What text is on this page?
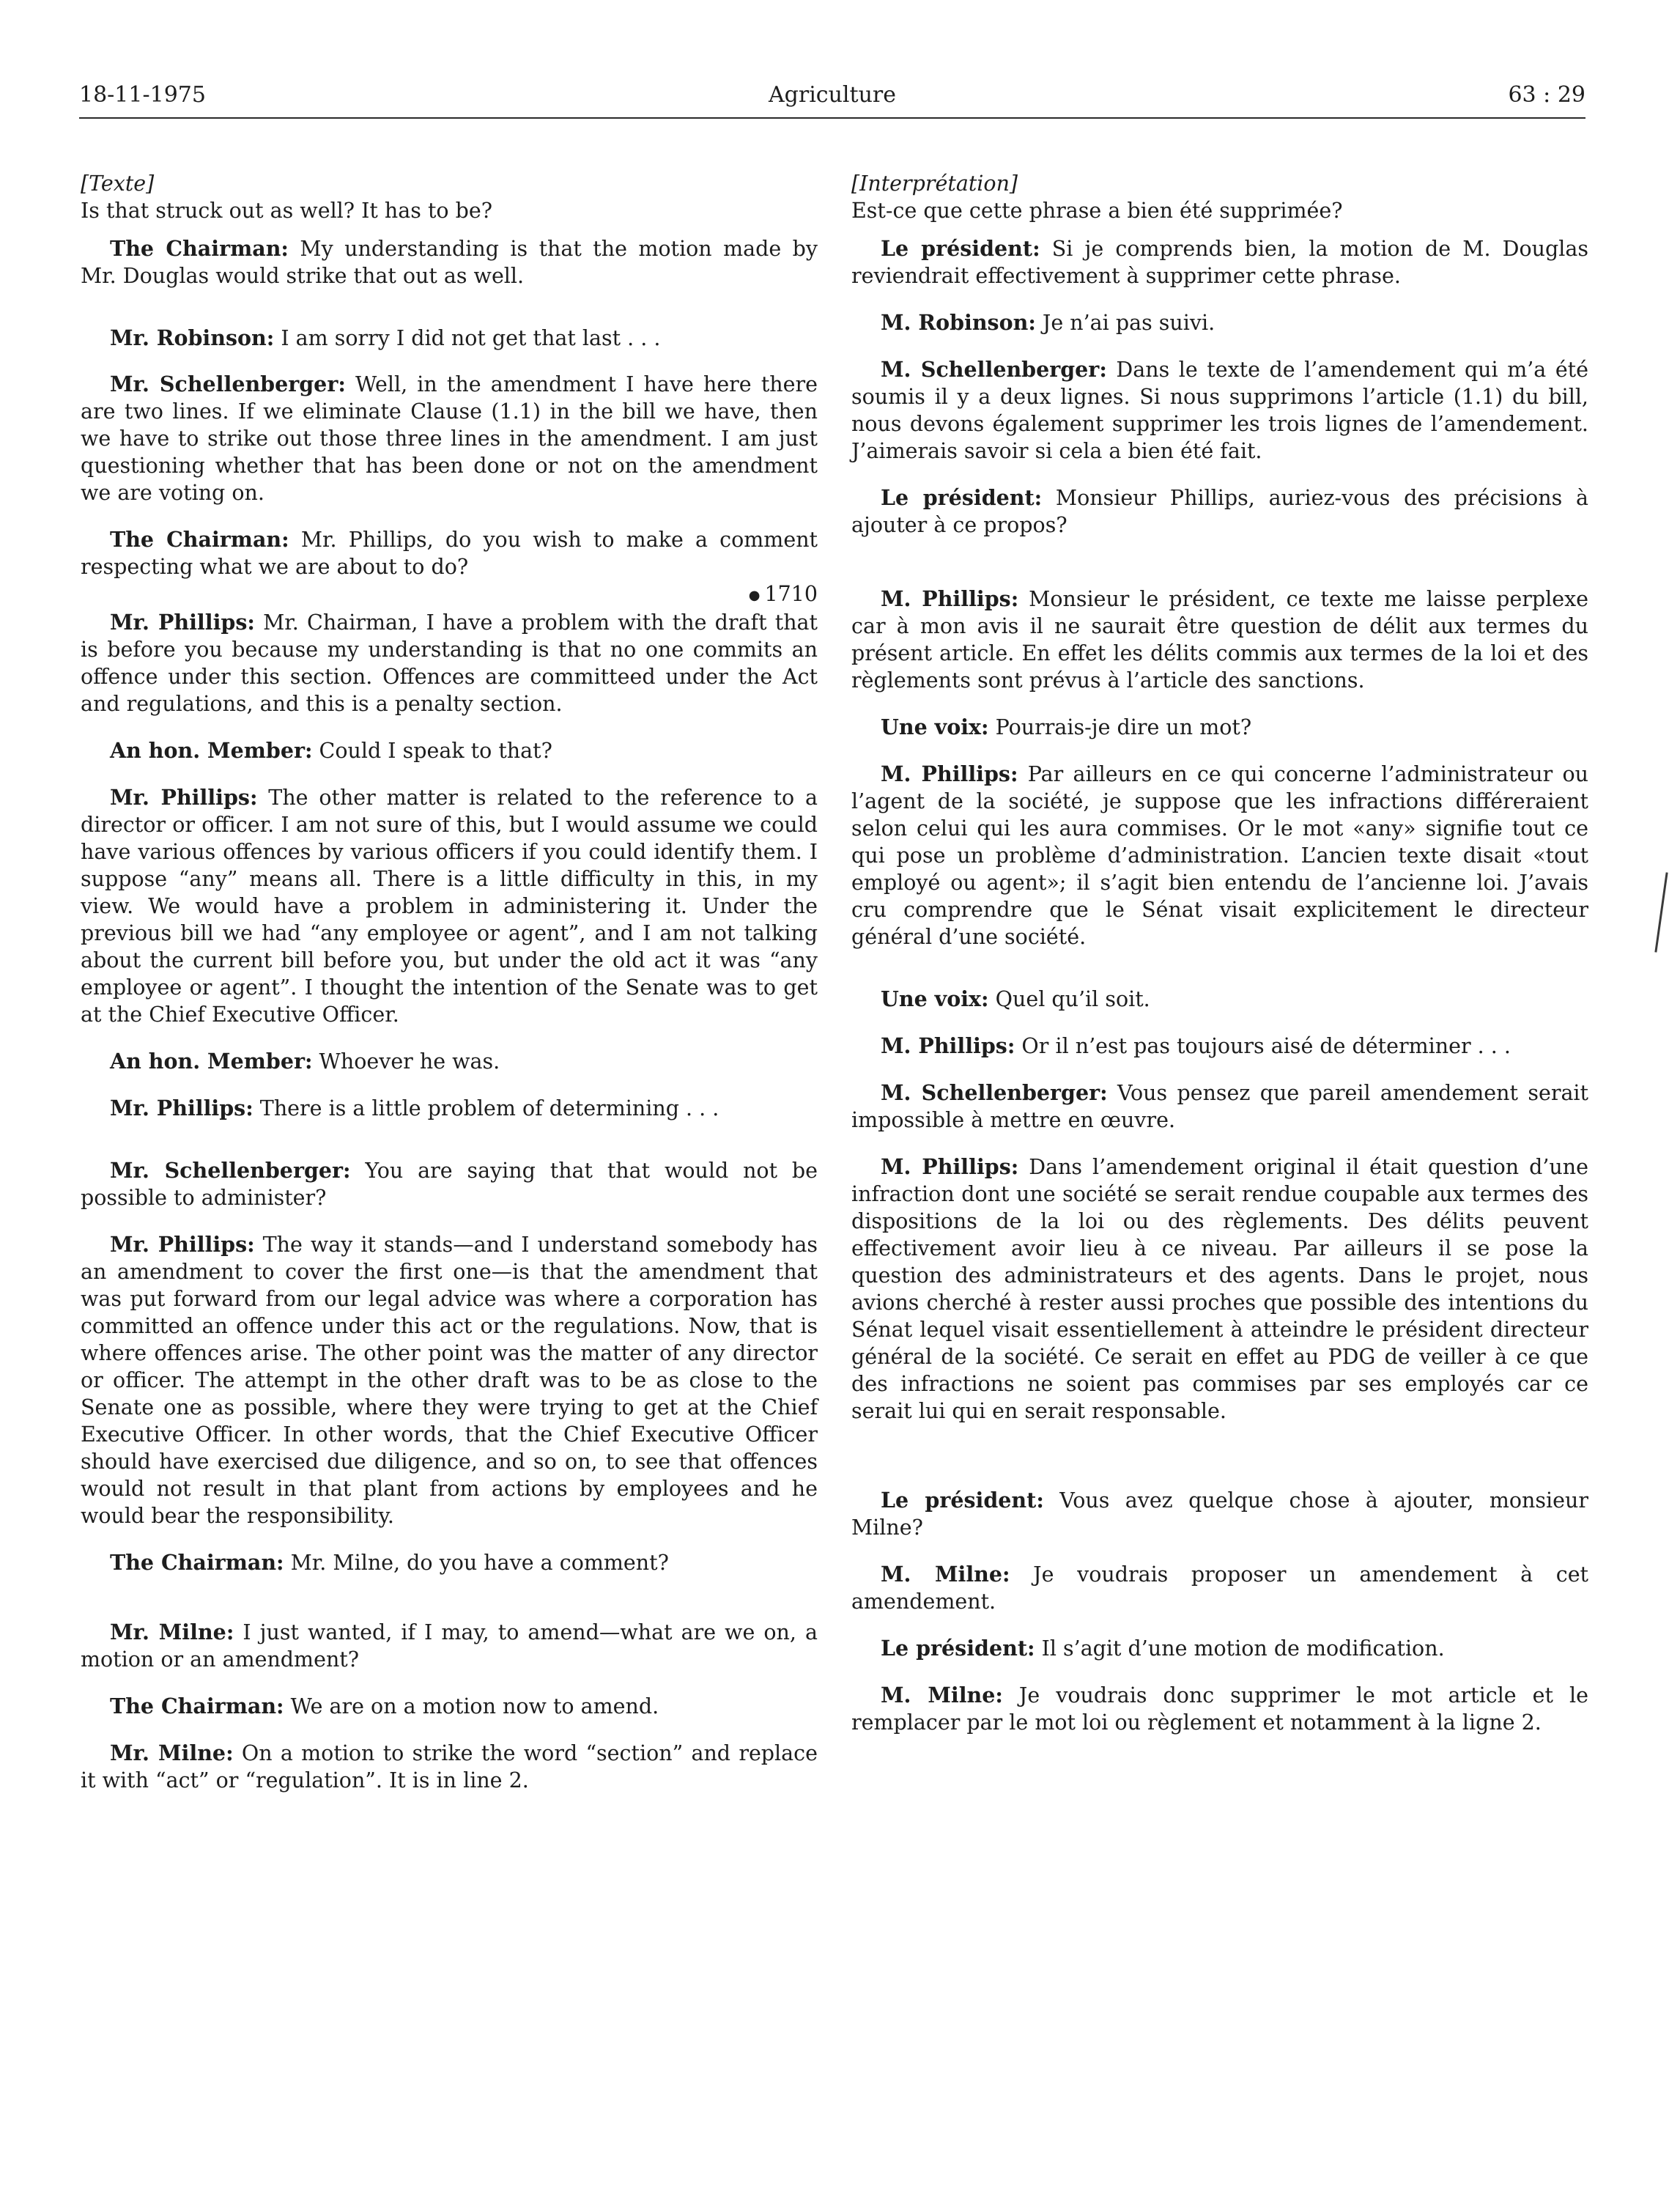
18-11-1975	Agriculture	63 : 29

[Texte]

Is that struck out as well? It has to be?

The Chairman: My understanding is that the motion made by Mr. Douglas would strike that out as well.

Mr. Robinson: I am sorry I did not get that last . . .

Mr. Schellenberger: Well, in the amendment I have here there are two lines. If we eliminate Clause (1.1) in the bill we have, then we have to strike out those three lines in the amendment. I am just questioning whether that has been done or not on the amendment we are voting on.

The Chairman: Mr. Phillips, do you wish to make a comment respecting what we are about to do?

● 1710

Mr. Phillips: Mr. Chairman, I have a problem with the draft that is before you because my understanding is that no one commits an offence under this section. Offences are committeed under the Act and regulations, and this is a penalty section.

An hon. Member: Could I speak to that?

Mr. Phillips: The other matter is related to the reference to a director or officer. I am not sure of this, but I would assume we could have various offences by various officers if you could identify them. I suppose “any” means all. There is a little difficulty in this, in my view. We would have a problem in administering it. Under the previous bill we had “any employee or agent”, and I am not talking about the current bill before you, but under the old act it was “any employee or agent”. I thought the intention of the Senate was to get at the Chief Executive Officer.

An hon. Member: Whoever he was.

Mr. Phillips: There is a little problem of determining . . .

Mr. Schellenberger: You are saying that that would not be possible to administer?

Mr. Phillips: The way it stands—and I understand somebody has an amendment to cover the first one—is that the amendment that was put forward from our legal advice was where a corporation has committed an offence under this act or the regulations. Now, that is where offences arise. The other point was the matter of any director or officer. The attempt in the other draft was to be as close to the Senate one as possible, where they were trying to get at the Chief Executive Officer. In other words, that the Chief Executive Officer should have exercised due diligence, and so on, to see that offences would not result in that plant from actions by employees and he would bear the responsibility.

The Chairman: Mr. Milne, do you have a comment?

Mr. Milne: I just wanted, if I may, to amend—what are we on, a motion or an amendment?

The Chairman: We are on a motion now to amend.

Mr. Milne: On a motion to strike the word “section” and replace it with “act” or “regulation”. It is in line 2.

[Interprétation]

Est-ce que cette phrase a bien été supprimée?

Le président: Si je comprends bien, la motion de M. Douglas reviendrait effectivement à supprimer cette phrase.

M. Robinson: Je n’ai pas suivi.

M. Schellenberger: Dans le texte de l’amendement qui m’a été soumis il y a deux lignes. Si nous supprimons l’article (1.1) du bill, nous devons également supprimer les trois lignes de l’amendement. J’aimerais savoir si cela a bien été fait.

Le président: Monsieur Phillips, auriez-vous des précisions à ajouter à ce propos?

M. Phillips: Monsieur le président, ce texte me laisse perplexe car à mon avis il ne saurait être question de délit aux termes du présent article. En effet les délits commis aux termes de la loi et des règlements sont prévus à l’article des sanctions.

Une voix: Pourrais-je dire un mot?

M. Phillips: Par ailleurs en ce qui concerne l’administrateur ou l’agent de la société, je suppose que les infractions différeraient selon celui qui les aura commises. Or le mot «any» signifie tout ce qui pose un problème d’administration. L’ancien texte disait «tout employé ou agent»; il s’agit bien entendu de l’ancienne loi. J’avais cru comprendre que le Sénat visait explicitement le directeur général d’une société.

Une voix: Quel qu’il soit.

M. Phillips: Or il n’est pas toujours aisé de déterminer . . .

M. Schellenberger: Vous pensez que pareil amendement serait impossible à mettre en œuvre.

M. Phillips: Dans l’amendement original il était question d’une infraction dont une société se serait rendue coupable aux termes des dispositions de la loi ou des règlements. Des délits peuvent effectivement avoir lieu à ce niveau. Par ailleurs il se pose la question des administrateurs et des agents. Dans le projet, nous avions cherché à rester aussi proches que possible des intentions du Sénat lequel visait essentiellement à atteindre le président directeur général de la société. Ce serait en effet au PDG de veiller à ce que des infractions ne soient pas commises par ses employés car ce serait lui qui en serait responsable.

Le président: Vous avez quelque chose à ajouter, monsieur Milne?

M. Milne: Je voudrais proposer un amendement à cet amendement.

Le président: Il s’agit d’une motion de modification.

M. Milne: Je voudrais donc supprimer le mot article et le remplacer par le mot loi ou règlement et notamment à la ligne 2.
